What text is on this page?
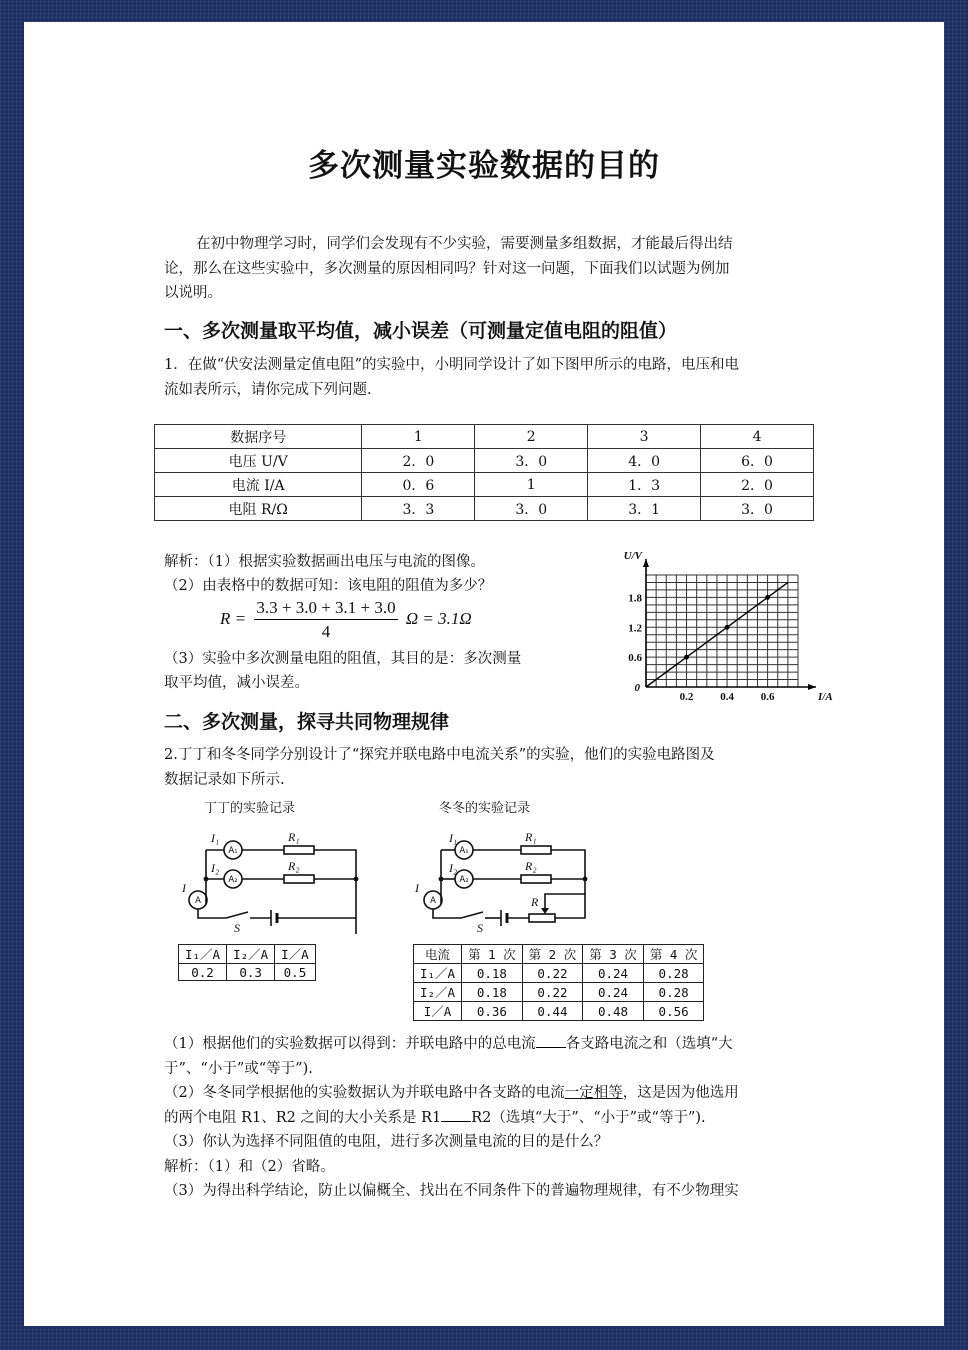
多次测量实验数据的目的
在初中物理学习时，同学们会发现有不少实验，需要测量多组数据，才能最后得出结
论，那么在这些实验中，多次测量的原因相同吗？针对这一问题，下面我们以试题为例加
以说明。
一、多次测量取平均值，减小误差（可测量定值电阻的阻值）
1．在做“伏安法测量定值电阻”的实验中，小明同学设计了如下图甲所示的电路，电压和电
流如表所示，请你完成下列问题.
数据序号	1	2	3	4
电压 U/V	2．0	3．0	4．0	6．0
电流 I/A	0．6	1	1．3	2．0
电阻 R/Ω	3．3	3．0	3．1	3．0
解析：（1）根据实验数据画出电压与电流的图像。
（2）由表格中的数据可知：该电阻的阻值为多少？
$R = \frac{3.3 + 3.0 + 3.1 + 3.0}{4}$ Ω = 3.1Ω
（3）实验中多次测量电阻的阻值，其目的是：多次测量
取平均值，减小误差。
0.2 0.4 0.6
0.6
1.2
1.8
0
U/V
I/A
二、多次测量，探寻共同物理规律
2.丁丁和冬冬同学分别设计了“探究并联电路中电流关系”的实验，他们的实验电路图及
数据记录如下所示.
丁丁的实验记录	冬冬的实验记录
I₁
I₂
I
R₁
R₂
S
A₁
A₂
A
I₁
I₂
I
R₁
R₂
R
S
A₁
A₂
A
I₁／A	I₂／A	I／A
0.2	0.3	0.5
电流	第 1 次	第 2 次	第 3 次	第 4 次
I₁／A	0.18	0.22	0.24	0.28
I₂／A	0.18	0.22	0.24	0.28
I／A	0.36	0.44	0.48	0.56
（1）根据他们的实验数据可以得到：并联电路中的总电流 各支路电流之和（选填“大
于”、“小于”或“等于”).
（2）冬冬同学根据他的实验数据认为并联电路中各支路的电流一定相等，这是因为他选用
的两个电阻 R1、R2 之间的大小关系是 R1 R2（选填“大于”、“小于”或“等于”).
（3）你认为选择不同阻值的电阻，进行多次测量电流的目的是什么？
解析：（1）和（2）省略。
（3）为得出科学结论，防止以偏概全、找出在不同条件下的普遍物理规律，有不少物理实
